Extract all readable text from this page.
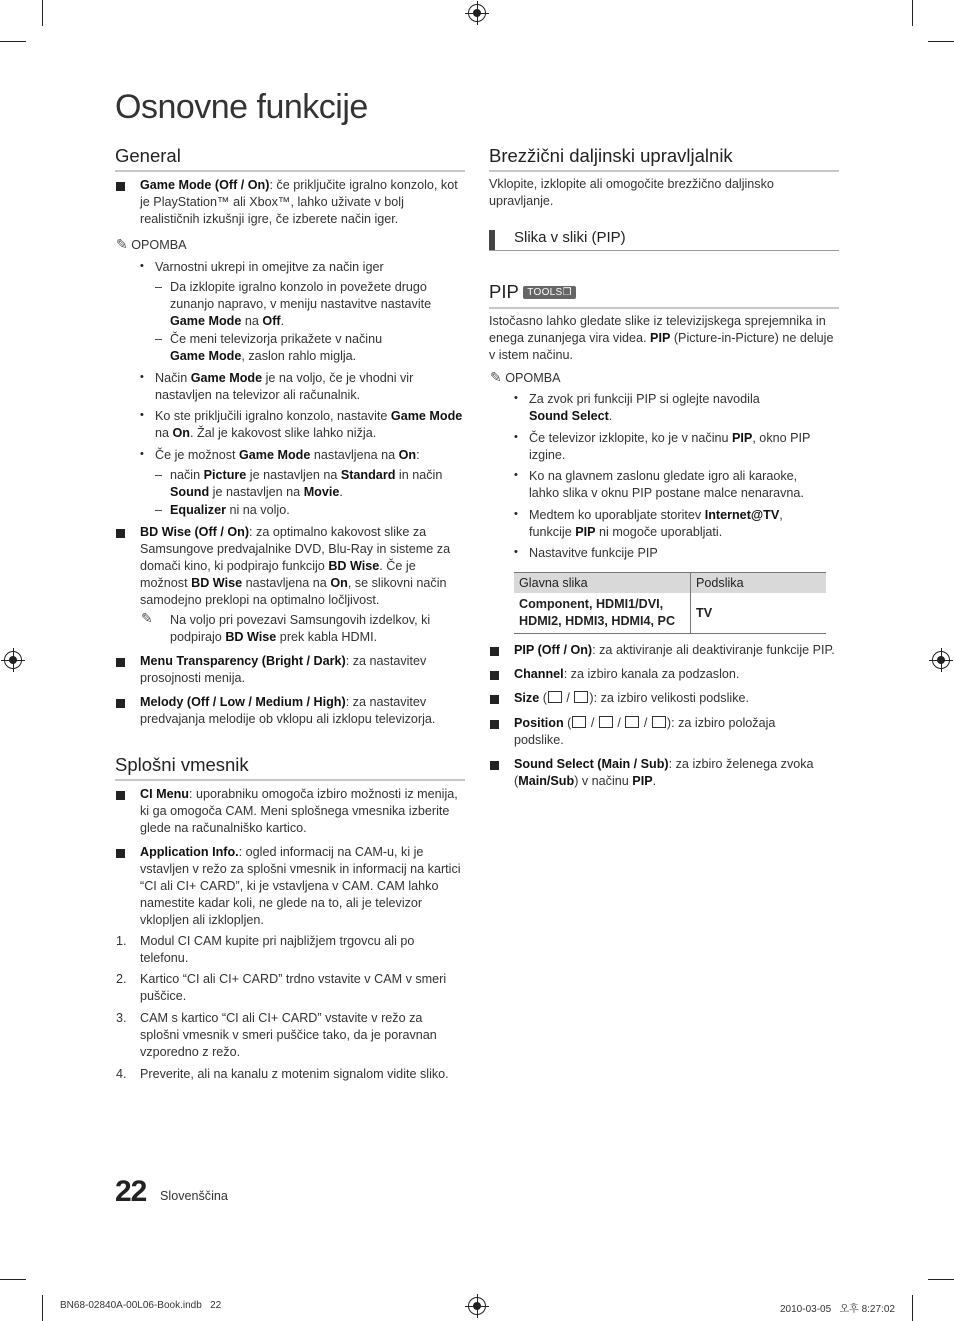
Osnovne funkcije
General
Game Mode (Off / On): če priključite igralno konzolo, kot je PlayStation™ ali Xbox™, lahko uživate v bolj realističnih izkušnji igre, če izberete način iger.
✎ OPOMBA
• Varnostni ukrepi in omejitve za način iger
– Da izklopite igralno konzolo in povežete drugo zunanjo napravo, v meniju nastavitve nastavite Game Mode na Off.
– Če meni televizorja prikažete v načinu Game Mode, zaslon rahlo miglja.
• Način Game Mode je na voljo, če je vhodni vir nastavljen na televizor ali računalnik.
• Ko ste priključili igralno konzolo, nastavite Game Mode na On. Žal je kakovost slike lahko nižja.
• Če je možnost Game Mode nastavljena na On:
– način Picture je nastavljen na Standard in način Sound je nastavljen na Movie.
– Equalizer ni na voljo.
BD Wise (Off / On): za optimalno kakovost slike za Samsungove predvajalnike DVD, Blu-Ray in sisteme za domači kino, ki podpirajo funkcijo BD Wise. Če je možnost BD Wise nastavljena na On, se slikovni način samodejno preklopi na optimalno ločljivost.
✎ Na voljo pri povezavi Samsungovih izdelkov, ki podpirajo BD Wise prek kabla HDMI.
Menu Transparency (Bright / Dark): za nastavitev prosojnosti menija.
Melody (Off / Low / Medium / High): za nastavitev predvajanja melodije ob vklopu ali izklopu televizorja.
Splošni vmesnik
CI Menu: uporabniku omogoča izbiro možnosti iz menija, ki ga omogoča CAM. Meni splošnega vmesnika izberite glede na računalniško kartico.
Application Info.: ogled informacij na CAM-u, ki je vstavljen v režo za splošni vmesnik in informacij na kartici “CI ali CI+ CARD”, ki je vstavljena v CAM. CAM lahko namestite kadar koli, ne glede na to, ali je televizor vklopljen ali izklopljen.
1. Modul CI CAM kupite pri najbližjem trgovcu ali po telefonu.
2. Kartico “CI ali CI+ CARD” trdno vstavite v CAM v smeri puščice.
3. CAM s kartico “CI ali CI+ CARD” vstavite v režo za splošni vmesnik v smeri puščice tako, da je poravnan vzporedno z režo.
4. Preverite, ali na kanalu z motenim signalom vidite sliko.
Brezžični daljinski upravljalnik
Vklopite, izklopite ali omogočite brezžično daljinsko upravljanje.
Slika v sliki (PIP)
PIP TOOLS❐
Istočasno lahko gledate slike iz televizijskega sprejemnika in enega zunanjega vira videa. PIP (Picture-in-Picture) ne deluje v istem načinu.
✎ OPOMBA
• Za zvok pri funkciji PIP si oglejte navodila Sound Select.
• Če televizor izklopite, ko je v načinu PIP, okno PIP izgine.
• Ko na glavnem zaslonu gledate igro ali karaoke, lahko slika v oknu PIP postane malce nenaravna.
• Medtem ko uporabljate storitev Internet@TV, funkcije PIP ni mogoče uporabljati.
• Nastavitve funkcije PIP
Glavna slika	Podslika
Component, HDMI1/DVI, HDMI2, HDMI3, HDMI4, PC	TV
PIP (Off / On): za aktiviranje ali deaktiviranje funkcije PIP.
Channel: za izbiro kanala za podzaslon.
Size ( / ): za izbiro velikosti podslike.
Position ( /  /  / ): za izbiro položaja podslike.
Sound Select (Main / Sub): za izbiro želenega zvoka (Main/Sub) v načinu PIP.
22 Slovenščina
BN68-02840A-00L06-Book.indb   22	2010-03-05   오후 8:27:02
